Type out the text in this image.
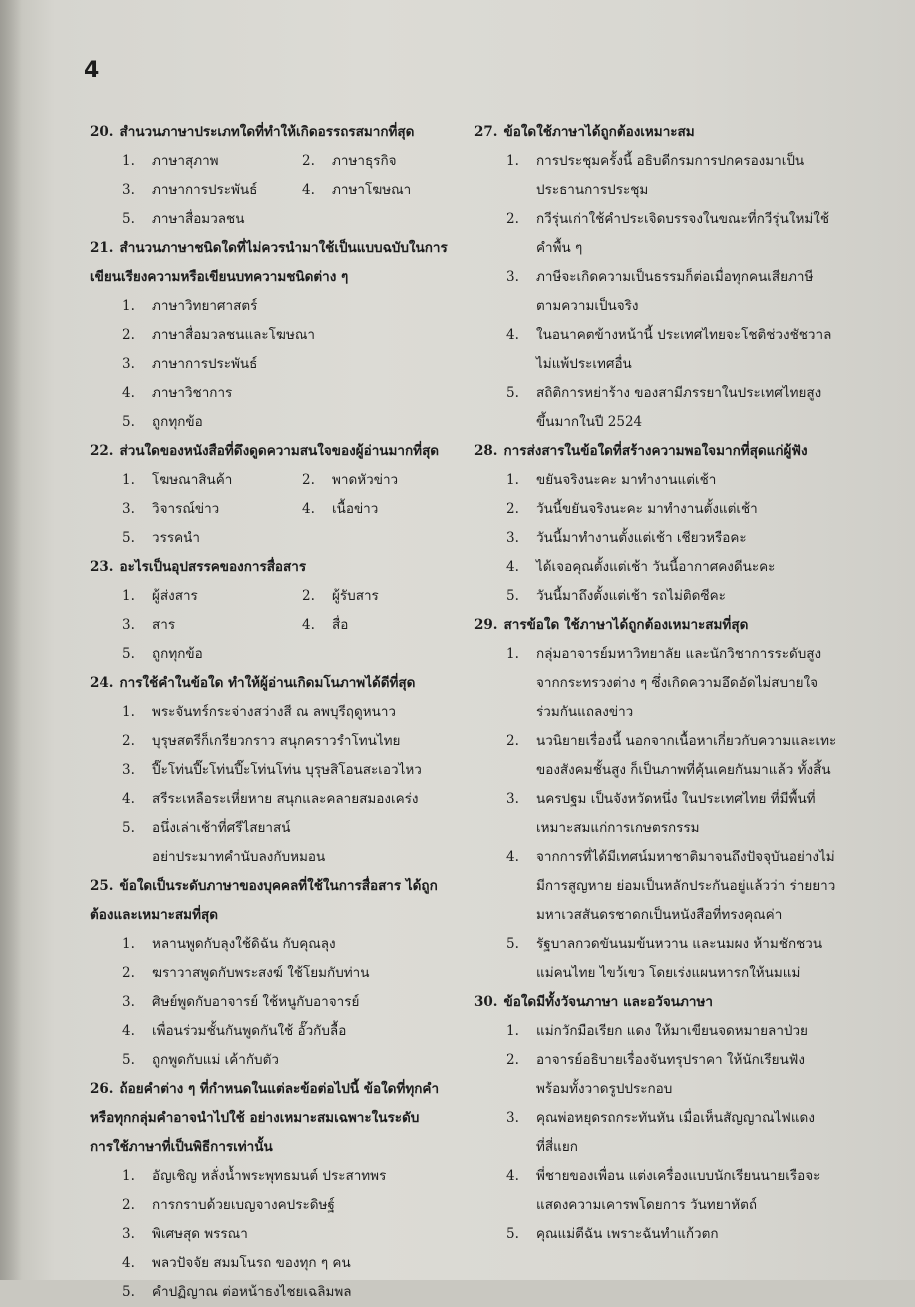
4
20. สำนวนภาษาประเภทใดที่ทำให้เกิดอรรถรสมากที่สุด
1.	ภาษาสุภาพ	2.	ภาษาธุรกิจ
3.	ภาษาการประพันธ์	4.	ภาษาโฆษณา
5.	ภาษาสื่อมวลชน
21. สำนวนภาษาชนิดใดที่ไม่ควรนำมาใช้เป็นแบบฉบับในการ
เขียนเรียงความหรือเขียนบทความชนิดต่าง ๆ
1.	ภาษาวิทยาศาสตร์
2.	ภาษาสื่อมวลชนและโฆษณา
3.	ภาษาการประพันธ์
4.	ภาษาวิชาการ
5.	ถูกทุกข้อ
22. ส่วนใดของหนังสือที่ดึงดูดความสนใจของผู้อ่านมากที่สุด
1.	โฆษณาสินค้า	2.	พาดหัวข่าว
3.	วิจารณ์ข่าว	4.	เนื้อข่าว
5.	วรรคนำ
23. อะไรเป็นอุปสรรคของการสื่อสาร
1.	ผู้ส่งสาร	2.	ผู้รับสาร
3.	สาร	4.	สื่อ
5.	ถูกทุกข้อ
24. การใช้คำในข้อใด ทำให้ผู้อ่านเกิดมโนภาพได้ดีที่สุด
1.	พระจันทร์กระจ่างสว่างสี ณ ลพบุรีฤดูหนาว
2.	บุรุษสตรีก็เกรียวกราว สนุกคราวรำโทนไทย
3.	ปี๊ะโท่นปี๊ะโท่นปี๊ะโท่นโท่น บุรุษสิโอนสะเอวไหว
4.	สรีระเหลือระเหี่ยหาย สนุกและคลายสมองเคร่ง
5.	อนึ่งเล่าเช้าที่ศรีไสยาสน์
อย่าประมาทคำนับลงกับหมอน
25. ข้อใดเป็นระดับภาษาของบุคคลที่ใช้ในการสื่อสาร ได้ถูก
ต้องและเหมาะสมที่สุด
1.	หลานพูดกับลุงใช้ดิฉัน กับคุณลุง
2.	ฆราวาสพูดกับพระสงฆ์ ใช้โยมกับท่าน
3.	ศิษย์พูดกับอาจารย์ ใช้หนูกับอาจารย์
4.	เพื่อนร่วมชั้นกันพูดกันใช้ อั๊วกับลื้อ
5.	ถูกพูดกับแม่ เค้ากับตัว
26. ถ้อยคำต่าง ๆ ที่กำหนดในแต่ละข้อต่อไปนี้ ข้อใดที่ทุกคำ
หรือทุกกลุ่มคำอาจนำไปใช้ อย่างเหมาะสมเฉพาะในระดับ
การใช้ภาษาที่เป็นพิธีการเท่านั้น
1.	อัญเชิญ หลั่งน้ำพระพุทธมนต์ ประสาทพร
2.	การกราบด้วยเบญจางคประดิษฐ์
3.	พิเศษสุด พรรณา
4.	พลวปัจจัย สมมโนรถ ของทุก ๆ คน
5.	คำปฏิญาณ ต่อหน้าธงไชยเฉลิมพล
27. ข้อใดใช้ภาษาได้ถูกต้องเหมาะสม
1.	การประชุมครั้งนี้ อธิบดีกรมการปกครองมาเป็น
ประธานการประชุม
2.	กวีรุ่นเก่าใช้คำประเจิดบรรจงในขณะที่กวีรุ่นใหม่ใช้
คำพื้น ๆ
3.	ภาษีจะเกิดความเป็นธรรมก็ต่อเมื่อทุกคนเสียภาษี
ตามความเป็นจริง
4.	ในอนาคตข้างหน้านี้ ประเทศไทยจะโชติช่วงชัชวาล
ไม่แพ้ประเทศอื่น
5.	สถิติการหย่าร้าง ของสามีภรรยาในประเทศไทยสูง
ขึ้นมากในปี 2524
28. การส่งสารในข้อใดที่สร้างความพอใจมากที่สุดแก่ผู้ฟัง
1.	ขยันจริงนะคะ มาทำงานแต่เช้า
2.	วันนี้ขยันจริงนะคะ มาทำงานตั้งแต่เช้า
3.	วันนี้มาทำงานตั้งแต่เช้า เชียวหรือคะ
4.	ได้เจอคุณตั้งแต่เช้า วันนี้อากาศคงดีนะคะ
5.	วันนี้มาถึงตั้งแต่เช้า รถไม่ติดซีคะ
29. สารข้อใด ใช้ภาษาได้ถูกต้องเหมาะสมที่สุด
1.	กลุ่มอาจารย์มหาวิทยาลัย และนักวิชาการระดับสูง
จากกระทรวงต่าง ๆ ซึ่งเกิดความอึดอัดไม่สบายใจ
ร่วมกันแถลงข่าว
2.	นวนิยายเรื่องนี้ นอกจากเนื้อหาเกี่ยวกับความและเทะ
ของสังคมชั้นสูง ก็เป็นภาพที่คุ้นเคยกันมาแล้ว ทั้งสิ้น
3.	นครปฐม เป็นจังหวัดหนึ่ง ในประเทศไทย ที่มีพื้นที่
เหมาะสมแก่การเกษตรกรรม
4.	จากการที่ได้มีเทศน์มหาชาติมาจนถึงปัจจุบันอย่างไม่
มีการสูญหาย ย่อมเป็นหลักประกันอยู่แล้วว่า ร่ายยาว
มหาเวสสันดรชาดกเป็นหนังสือที่ทรงคุณค่า
5.	รัฐบาลกวดขันนมข้นหวาน และนมผง ห้ามชักชวน
แม่คนไทย ไขว้เขว โดยเร่งแผนหารกให้นมแม่
30. ข้อใดมีทั้งวัจนภาษา และอวัจนภาษา
1.	แม่กวักมือเรียก แดง ให้มาเขียนจดหมายลาป่วย
2.	อาจารย์อธิบายเรื่องจันทรุปราคา ให้นักเรียนฟัง
พร้อมทั้งวาดรูปประกอบ
3.	คุณพ่อหยุดรถกระทันหัน เมื่อเห็นสัญญาณไฟแดง
ที่สี่แยก
4.	พี่ชายของเพื่อน แต่งเครื่องแบบนักเรียนนายเรือจะ
แสดงความเคารพโดยการ วันทยาหัตถ์
5.	คุณแม่ตีฉัน เพราะฉันทำแก้วตก
